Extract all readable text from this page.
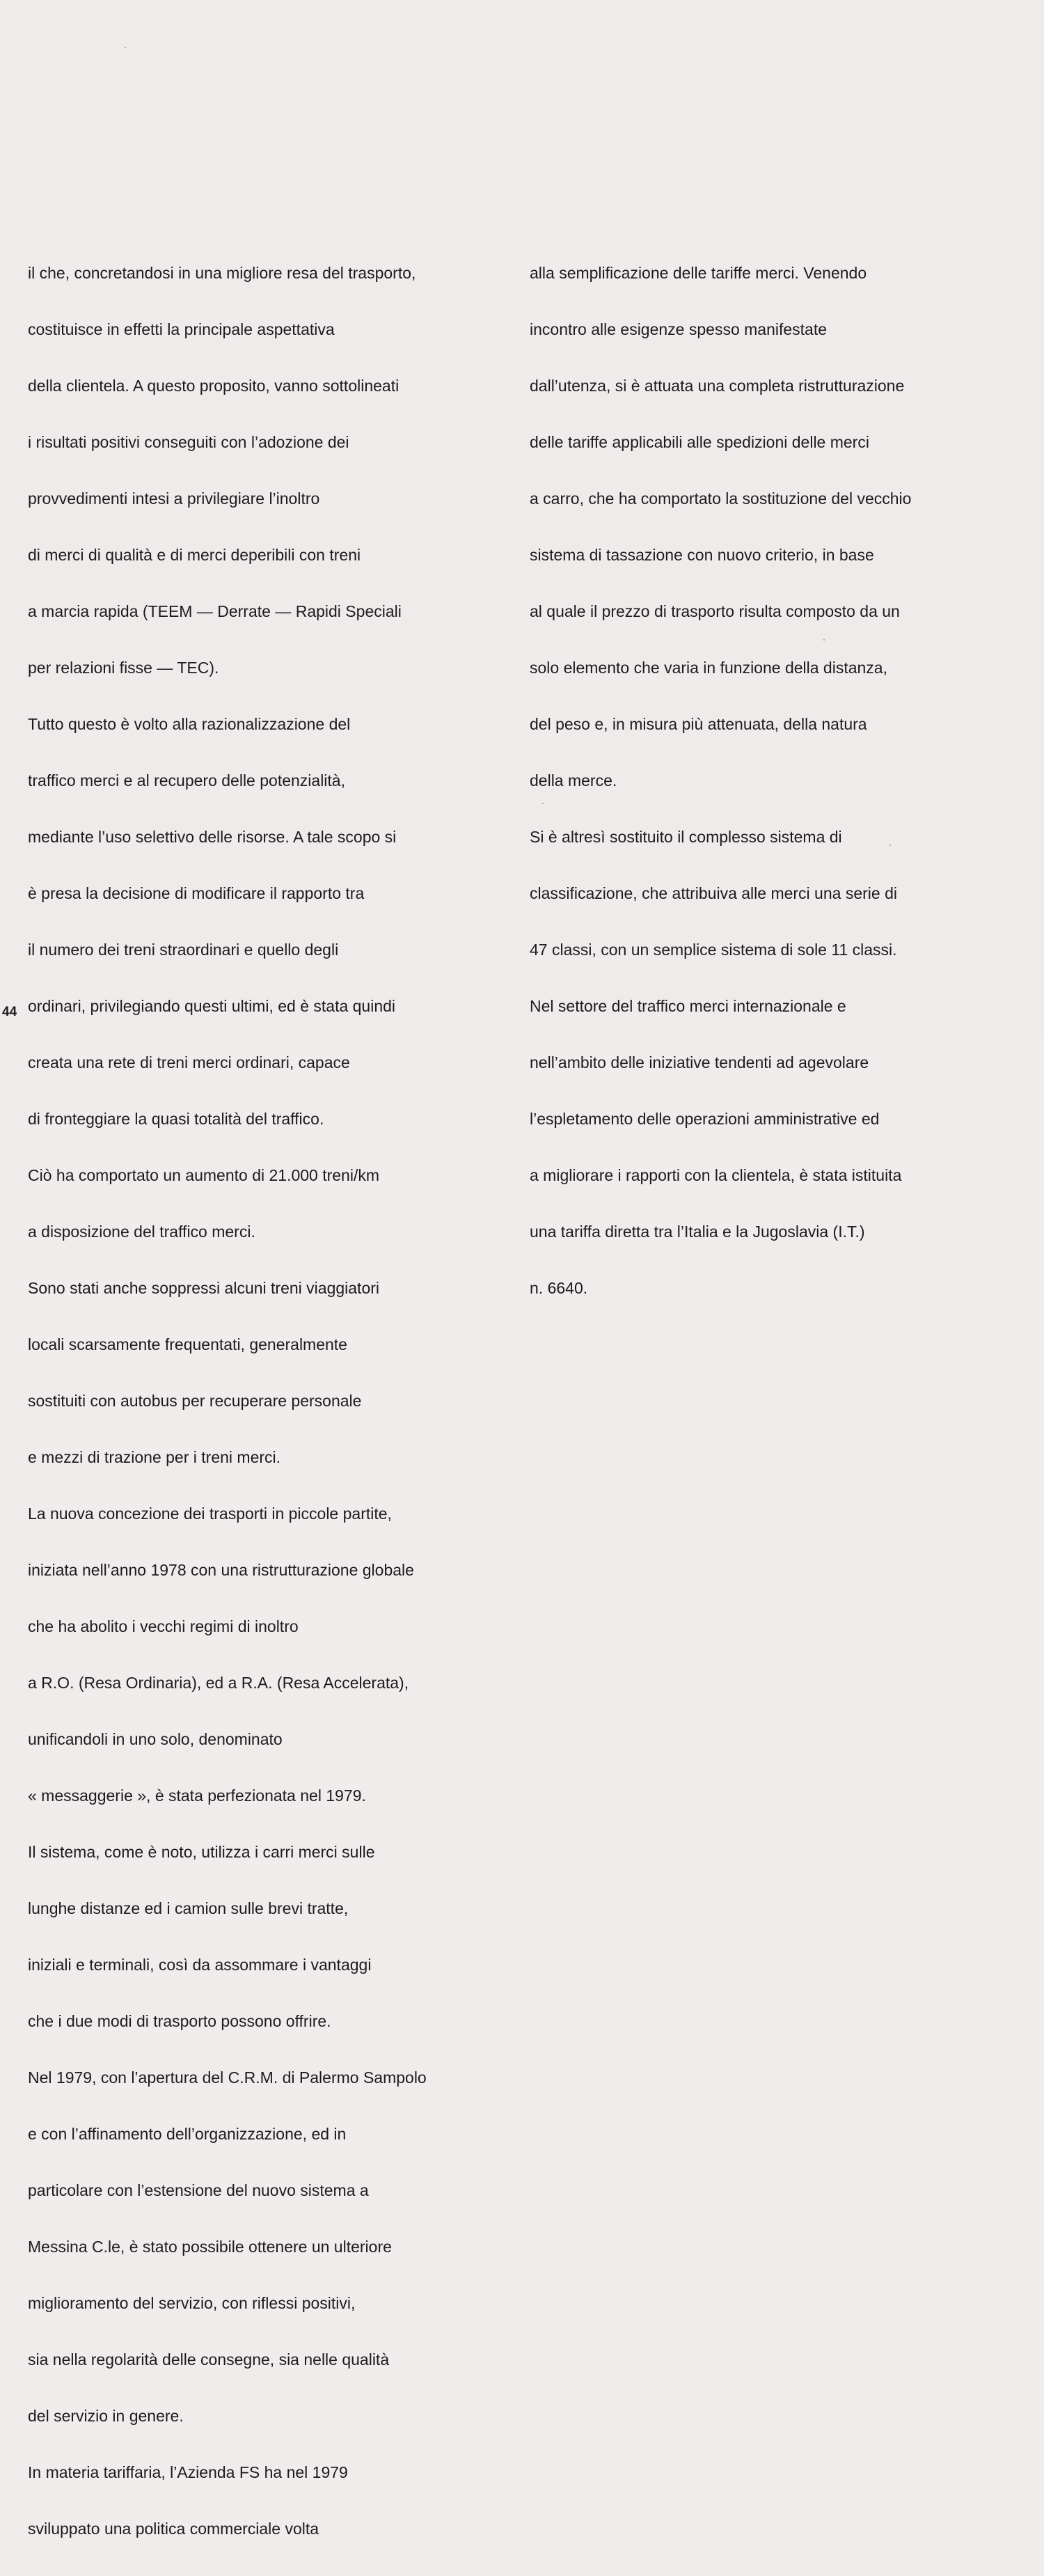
il che, concretandosi in una migliore resa del trasporto,

costituisce in effetti la principale aspettativa

della clientela. A questo proposito, vanno sottolineati

i risultati positivi conseguiti con l’adozione dei

provvedimenti intesi a privilegiare l’inoltro

di merci di qualità e di merci deperibili con treni

a marcia rapida (TEEM — Derrate — Rapidi Speciali

per relazioni fisse — TEC).

Tutto questo è volto alla razionalizzazione del

traffico merci e al recupero delle potenzialità,

mediante l’uso selettivo delle risorse. A tale scopo si

è presa la decisione di modificare il rapporto tra

il numero dei treni straordinari e quello degli

ordinari, privilegiando questi ultimi, ed è stata quindi

creata una rete di treni merci ordinari, capace

di fronteggiare la quasi totalità del traffico.

Ciò ha comportato un aumento di 21.000 treni/km

a disposizione del traffico merci.

Sono stati anche soppressi alcuni treni viaggiatori

locali scarsamente frequentati, generalmente

sostituiti con autobus per recuperare personale

e mezzi di trazione per i treni merci.

La nuova concezione dei trasporti in piccole partite,

iniziata nell’anno 1978 con una ristrutturazione globale

che ha abolito i vecchi regimi di inoltro

a R.O. (Resa Ordinaria), ed a R.A. (Resa Accelerata),

unificandoli in uno solo, denominato

« messaggerie », è stata perfezionata nel 1979.

Il sistema, come è noto, utilizza i carri merci sulle

lunghe distanze ed i camion sulle brevi tratte,

iniziali e terminali, così da assommare i vantaggi

che i due modi di trasporto possono offrire.

Nel 1979, con l’apertura del C.R.M. di Palermo Sampolo

e con l’affinamento dell’organizzazione, ed in

particolare con l’estensione del nuovo sistema a

Messina C.le, è stato possibile ottenere un ulteriore

miglioramento del servizio, con riflessi positivi,

sia nella regolarità delle consegne, sia nelle qualità

del servizio in genere.

In materia tariffaria, l’Azienda FS ha nel 1979

sviluppato una politica commerciale volta

alla semplificazione delle tariffe merci. Venendo

incontro alle esigenze spesso manifestate

dall’utenza, si è attuata una completa ristrutturazione

delle tariffe applicabili alle spedizioni delle merci

a carro, che ha comportato la sostituzione del vecchio

sistema di tassazione con nuovo criterio, in base

al quale il prezzo di trasporto risulta composto da un

solo elemento che varia in funzione della distanza,

del peso e, in misura più attenuata, della natura

della merce.

Si è altresì sostituito il complesso sistema di

classificazione, che attribuiva alle merci una serie di

47 classi, con un semplice sistema di sole 11 classi.

Nel settore del traffico merci internazionale e

nell’ambito delle iniziative tendenti ad agevolare

l’espletamento delle operazioni amministrative ed

a migliorare i rapporti con la clientela, è stata istituita

una tariffa diretta tra l’Italia e la Jugoslavia (I.T.)

n. 6640.

44
